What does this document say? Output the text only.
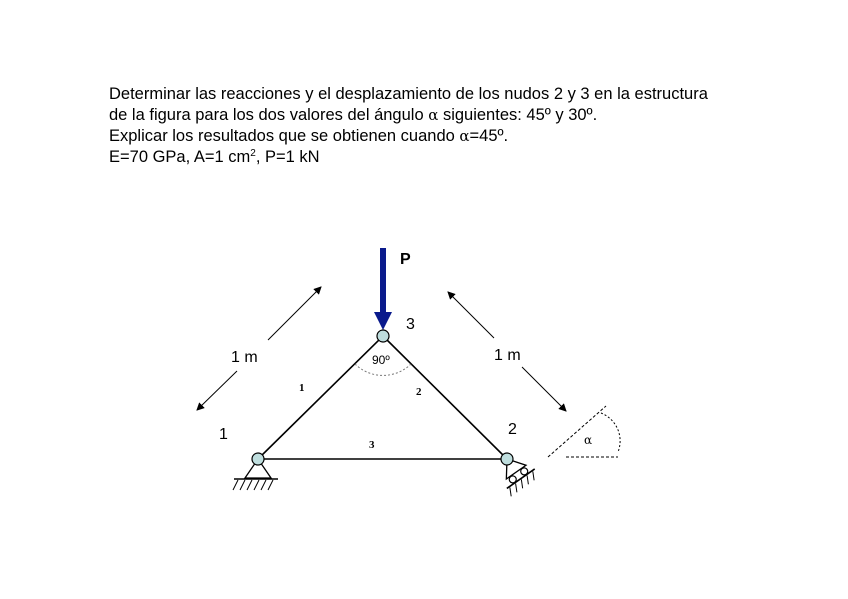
Determinar las reacciones y el desplazamiento de los nudos 2 y 3 en la estructura
de la figura para los dos valores del ángulo α siguientes: 45º y 30º.
Explicar los resultados que se obtienen cuando α=45º.
E=70 GPa, A=1 $cm^2$, P=1 kN
P
3
1	2
90º
1	2
3
1 m	1 m
α
